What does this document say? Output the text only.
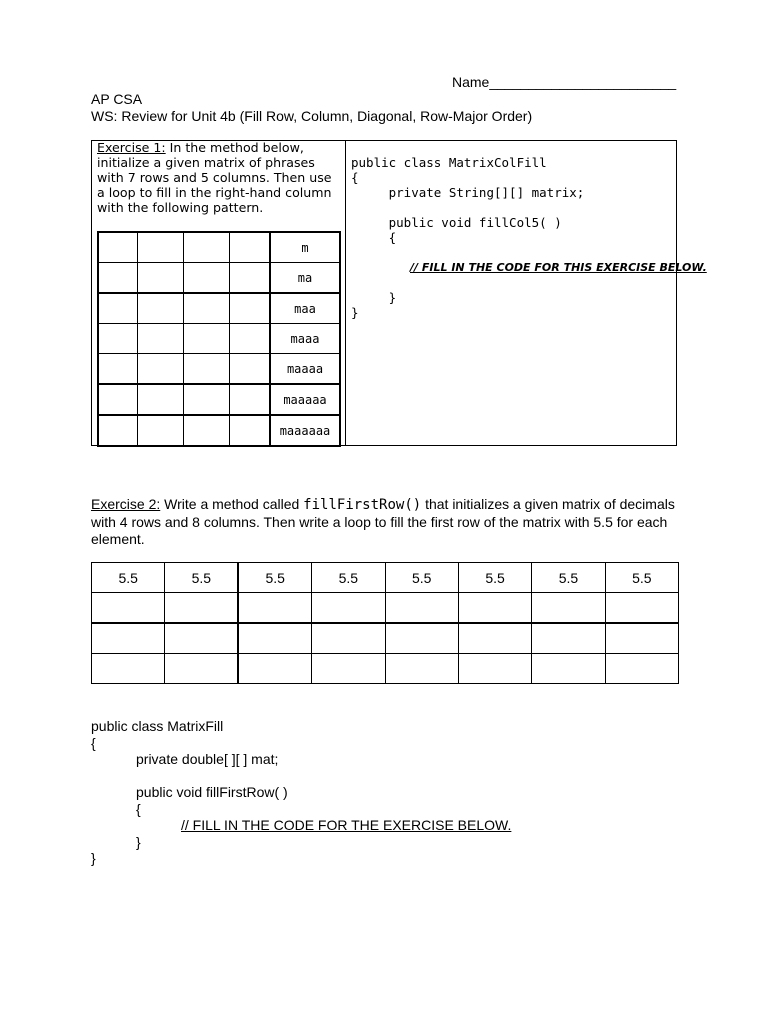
Name________________________
AP CSA
WS: Review for Unit 4b (Fill Row, Column, Diagonal, Row-Major Order)
Exercise 1: In the method below, initialize a given matrix of phrases with 7 rows and 5 columns. Then use a loop to fill in the right-hand column with the following pattern.
				m
				ma
				maa
				maaa
				maaaa
				maaaaa
				maaaaaa
public class MatrixColFill
{
private String[][] matrix;

public void fillCol5( )
{

}
}
// FILL IN THE CODE FOR THIS EXERCISE BELOW.
Exercise 2: Write a method called fillFirstRow() that initializes a given matrix of decimals with 4 rows and 8 columns. Then write a loop to fill the first row of the matrix with 5.5 for each element.
5.5	5.5	5.5	5.5	5.5	5.5	5.5	5.5

public class MatrixFill
{
private double[ ][ ] mat;

public void fillFirstRow( )
{
// FILL IN THE CODE FOR THE EXERCISE BELOW.
}
}
